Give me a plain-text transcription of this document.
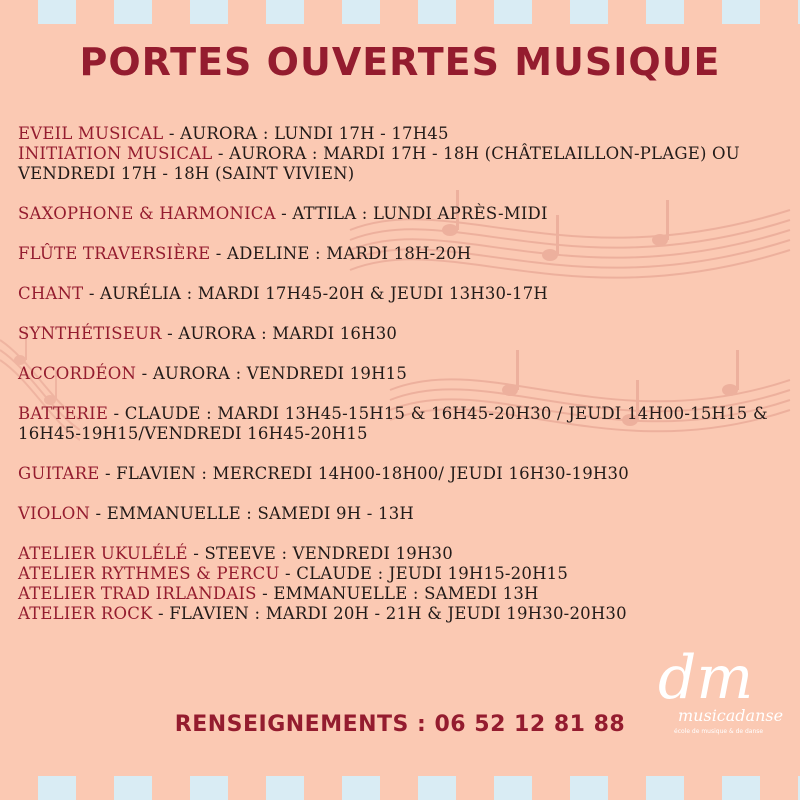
PORTES OUVERTES MUSIQUE
EVEIL MUSICAL - AURORA : LUNDI 17H - 17H45
INITIATION MUSICAL - AURORA : MARDI 17H - 18H (CHÂTELAILLON-PLAGE) OU VENDREDI 17H - 18H (SAINT VIVIEN)
SAXOPHONE & HARMONICA - ATTILA : LUNDI APRÈS-MIDI
FLÛTE TRAVERSIÈRE - ADELINE : MARDI 18H-20H
CHANT - AURÉLIA : MARDI 17H45-20H & JEUDI 13H30-17H
SYNTHÉTISEUR - AURORA : MARDI 16H30
ACCORDÉON - AURORA : VENDREDI 19H15
BATTERIE - CLAUDE : MARDI 13H45-15H15 & 16H45-20H30 / JEUDI 14H00-15H15 & 16H45-19H15/VENDREDI 16H45-20H15
GUITARE - FLAVIEN : MERCREDI 14H00-18H00/ JEUDI 16H30-19H30
VIOLON - EMMANUELLE : SAMEDI 9H - 13H
ATELIER UKULÉLÉ - STEEVE : VENDREDI 19H30
ATELIER RYTHMES & PERCU - CLAUDE : JEUDI 19H15-20H15
ATELIER TRAD IRLANDAIS - EMMANUELLE : SAMEDI 13H
ATELIER ROCK - FLAVIEN : MARDI 20H - 21H & JEUDI 19H30-20H30
RENSEIGNEMENTS : 06 52 12 81 88
dm
musicadanse
école de musique & de danse
